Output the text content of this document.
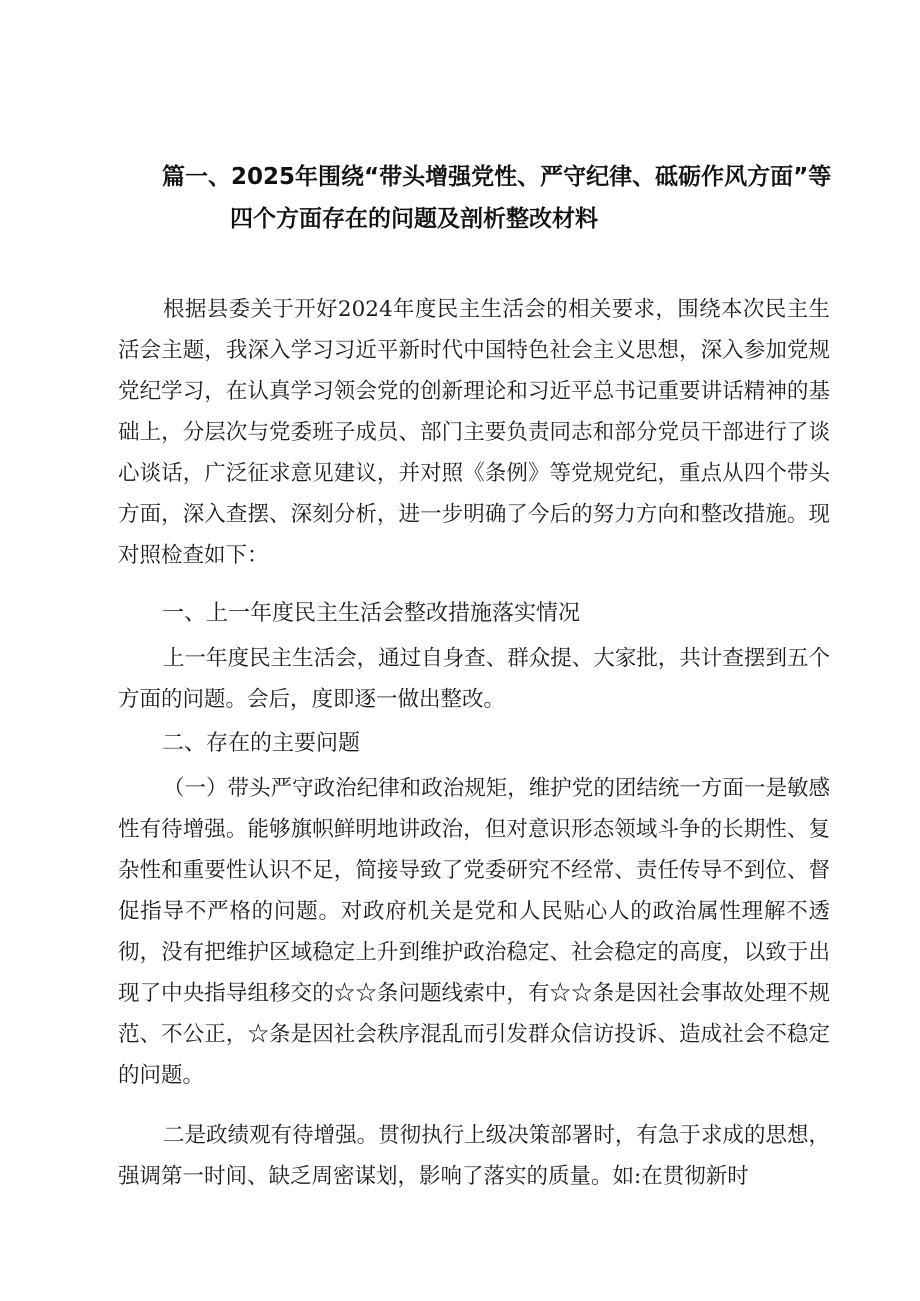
篇一、2025年围绕“带头增强党性、严守纪律、砥砺作风方面”等
四个方面存在的问题及剖析整改材料

根据县委关于开好2024年度民主生活会的相关要求，围绕本次民主生活会主题，我深入学习习近平新时代中国特色社会主义思想，深入参加党规党纪学习，在认真学习领会党的创新理论和习近平总书记重要讲话精神的基础上，分层次与党委班子成员、部门主要负责同志和部分党员干部进行了谈心谈话，广泛征求意见建议，并对照《条例》等党规党纪，重点从四个带头方面，深入查摆、深刻分析，进一步明确了今后的努力方向和整改措施。现对照检查如下：

一、上一年度民主生活会整改措施落实情况

上一年度民主生活会，通过自身查、群众提、大家批，共计查摆到五个方面的问题。会后，度即逐一做出整改。

二、存在的主要问题

（一）带头严守政治纪律和政治规矩，维护党的团结统一方面一是敏感性有待增强。能够旗帜鲜明地讲政治，但对意识形态领域斗争的长期性、复杂性和重要性认识不足，简接导致了党委研究不经常、责任传导不到位、督促指导不严格的问题。对政府机关是党和人民贴心人的政治属性理解不透彻，没有把维护区域稳定上升到维护政治稳定、社会稳定的高度，以致于出现了中央指导组移交的☆☆条问题线索中，有☆☆条是因社会事故处理不规范、不公正，☆条是因社会秩序混乱而引发群众信访投诉、造成社会不稳定的问题。

二是政绩观有待增强。贯彻执行上级决策部署时，有急于求成的思想，强调第一时间、缺乏周密谋划，影响了落实的质量。如:在贯彻新时
